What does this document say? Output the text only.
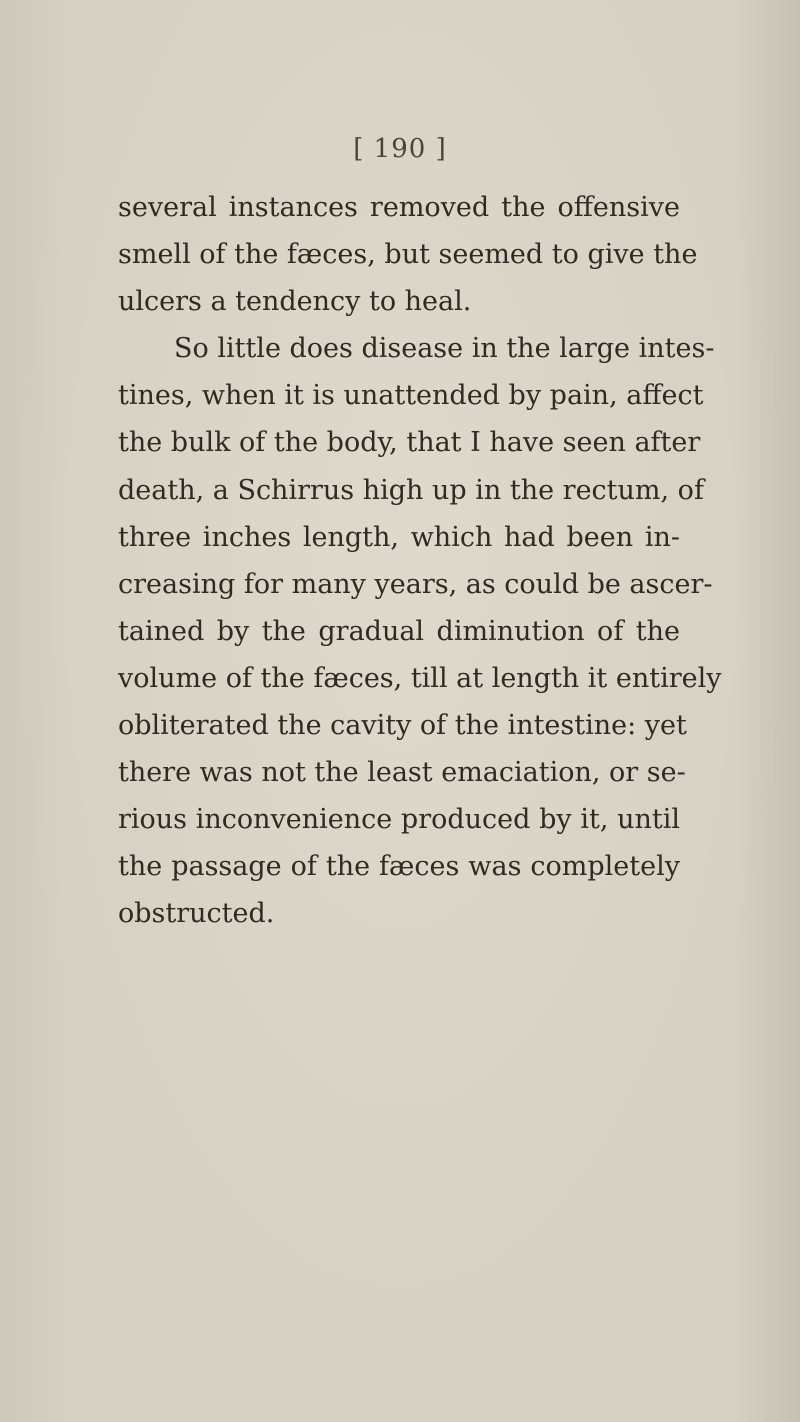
[ 190 ]
several instances removed the offensive
smell of the fæces, but seemed to give the
ulcers a tendency to heal.
So little does disease in the large intes-
tines, when it is unattended by pain, affect
the bulk of the body, that I have seen after
death, a Schirrus high up in the rectum, of
three inches length, which had been in-
creasing for many years, as could be ascer-
tained by the gradual diminution of the
volume of the fæces, till at length it entirely
obliterated the cavity of the intestine: yet
there was not the least emaciation, or se-
rious inconvenience produced by it, until
the passage of the fæces was completely
obstructed.
